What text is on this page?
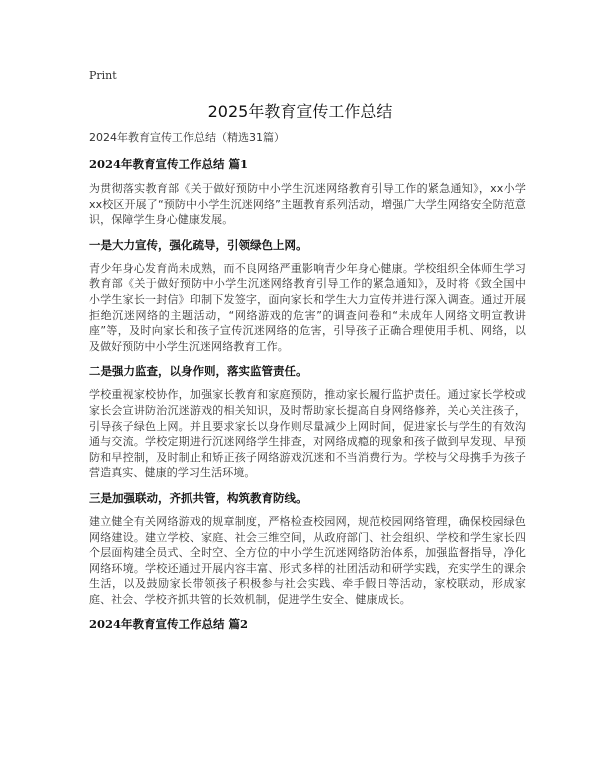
Print
2025年教育宣传工作总结

2024年教育宣传工作总结（精选31篇）

2024年教育宣传工作总结 篇1

为贯彻落实教育部《关于做好预防中小学生沉迷网络教育引导工作的紧急通知》，xx小学xx校区开展了“预防中小学生沉迷网络”主题教育系列活动，增强广大学生网络安全防范意识，保障学生身心健康发展。

一是大力宣传，强化疏导，引领绿色上网。

青少年身心发育尚未成熟，而不良网络严重影响青少年身心健康。学校组织全体师生学习教育部《关于做好预防中小学生沉迷网络教育引导工作的紧急通知》，及时将《致全国中小学生家长一封信》印制下发签字，面向家长和学生大力宣传并进行深入调查。通过开展拒绝沉迷网络的主题活动，“网络游戏的危害”的调查问卷和“未成年人网络文明宣教讲座”等，及时向家长和孩子宣传沉迷网络的危害，引导孩子正确合理使用手机、网络，以及做好预防中小学生沉迷网络教育工作。

二是强力监查，以身作则，落实监管责任。

学校重视家校协作，加强家长教育和家庭预防，推动家长履行监护责任。通过家长学校或家长会宣讲防治沉迷游戏的相关知识，及时帮助家长提高自身网络修养，关心关注孩子，引导孩子绿色上网。并且要求家长以身作则尽量减少上网时间，促进家长与学生的有效沟通与交流。学校定期进行沉迷网络学生排查，对网络成瘾的现象和孩子做到早发现、早预防和早控制，及时制止和矫正孩子网络游戏沉迷和不当消费行为。学校与父母携手为孩子营造真实、健康的学习生活环境。

三是加强联动，齐抓共管，构筑教育防线。

建立健全有关网络游戏的规章制度，严格检查校园网，规范校园网络管理，确保校园绿色网络建设。建立学校、家庭、社会三维空间，从政府部门、社会组织、学校和学生家长四个层面构建全员式、全时空、全方位的中小学生沉迷网络防治体系，加强监督指导，净化网络环境。学校还通过开展内容丰富、形式多样的社团活动和研学实践，充实学生的课余生活，以及鼓励家长带领孩子积极参与社会实践、牵手假日等活动，家校联动，形成家庭、社会、学校齐抓共管的长效机制，促进学生安全、健康成长。

2024年教育宣传工作总结 篇2
